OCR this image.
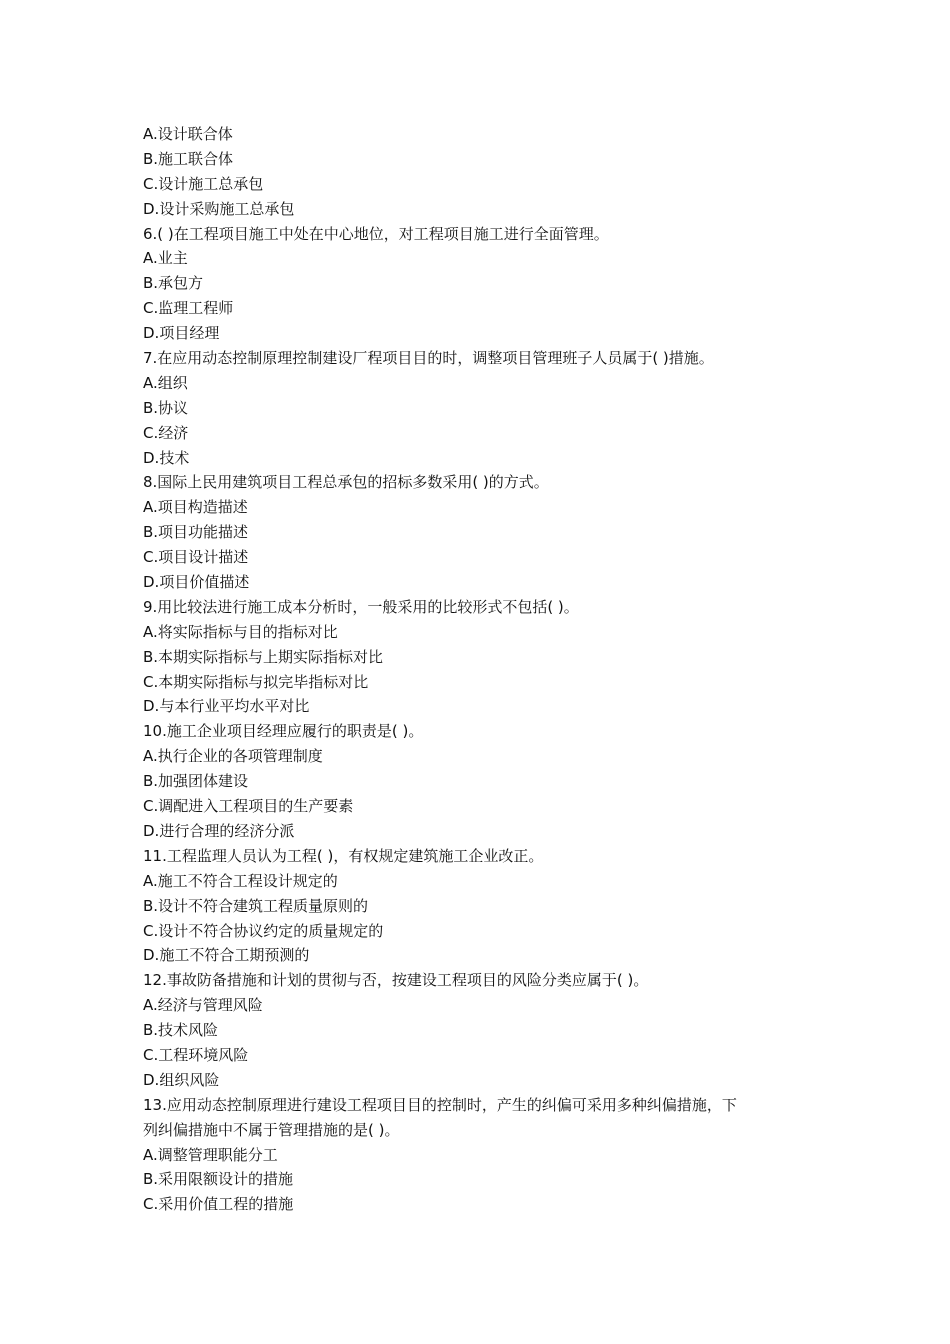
A.设计联合体
B.施工联合体
C.设计施工总承包
D.设计采购施工总承包
6.( )在工程项目施工中处在中心地位，对工程项目施工进行全面管理。
A.业主
B.承包方
C.监理工程师
D.项目经理
7.在应用动态控制原理控制建设厂程项目目的时，调整项目管理班子人员属于( )措施。
A.组织
B.协议
C.经济
D.技术
8.国际上民用建筑项目工程总承包的招标多数采用( )的方式。
A.项目构造描述
B.项目功能描述
C.项目设计描述
D.项目价值描述
9.用比较法进行施工成本分析时，一般采用的比较形式不包括( )。
A.将实际指标与目的指标对比
B.本期实际指标与上期实际指标对比
C.本期实际指标与拟完毕指标对比
D.与本行业平均水平对比
10.施工企业项目经理应履行的职责是( )。
A.执行企业的各项管理制度
B.加强团体建设
C.调配进入工程项目的生产要素
D.进行合理的经济分派
11.工程监理人员认为工程( )，有权规定建筑施工企业改正。
A.施工不符合工程设计规定的
B.设计不符合建筑工程质量原则的
C.设计不符合协议约定的质量规定的
D.施工不符合工期预测的
12.事故防备措施和计划的贯彻与否，按建设工程项目的风险分类应属于( )。
A.经济与管理风险
B.技术风险
C.工程环境风险
D.组织风险
13.应用动态控制原理进行建设工程项目目的控制时，产生的纠偏可采用多种纠偏措施，下
列纠偏措施中不属于管理措施的是( )。
A.调整管理职能分工
B.采用限额设计的措施
C.采用价值工程的措施
